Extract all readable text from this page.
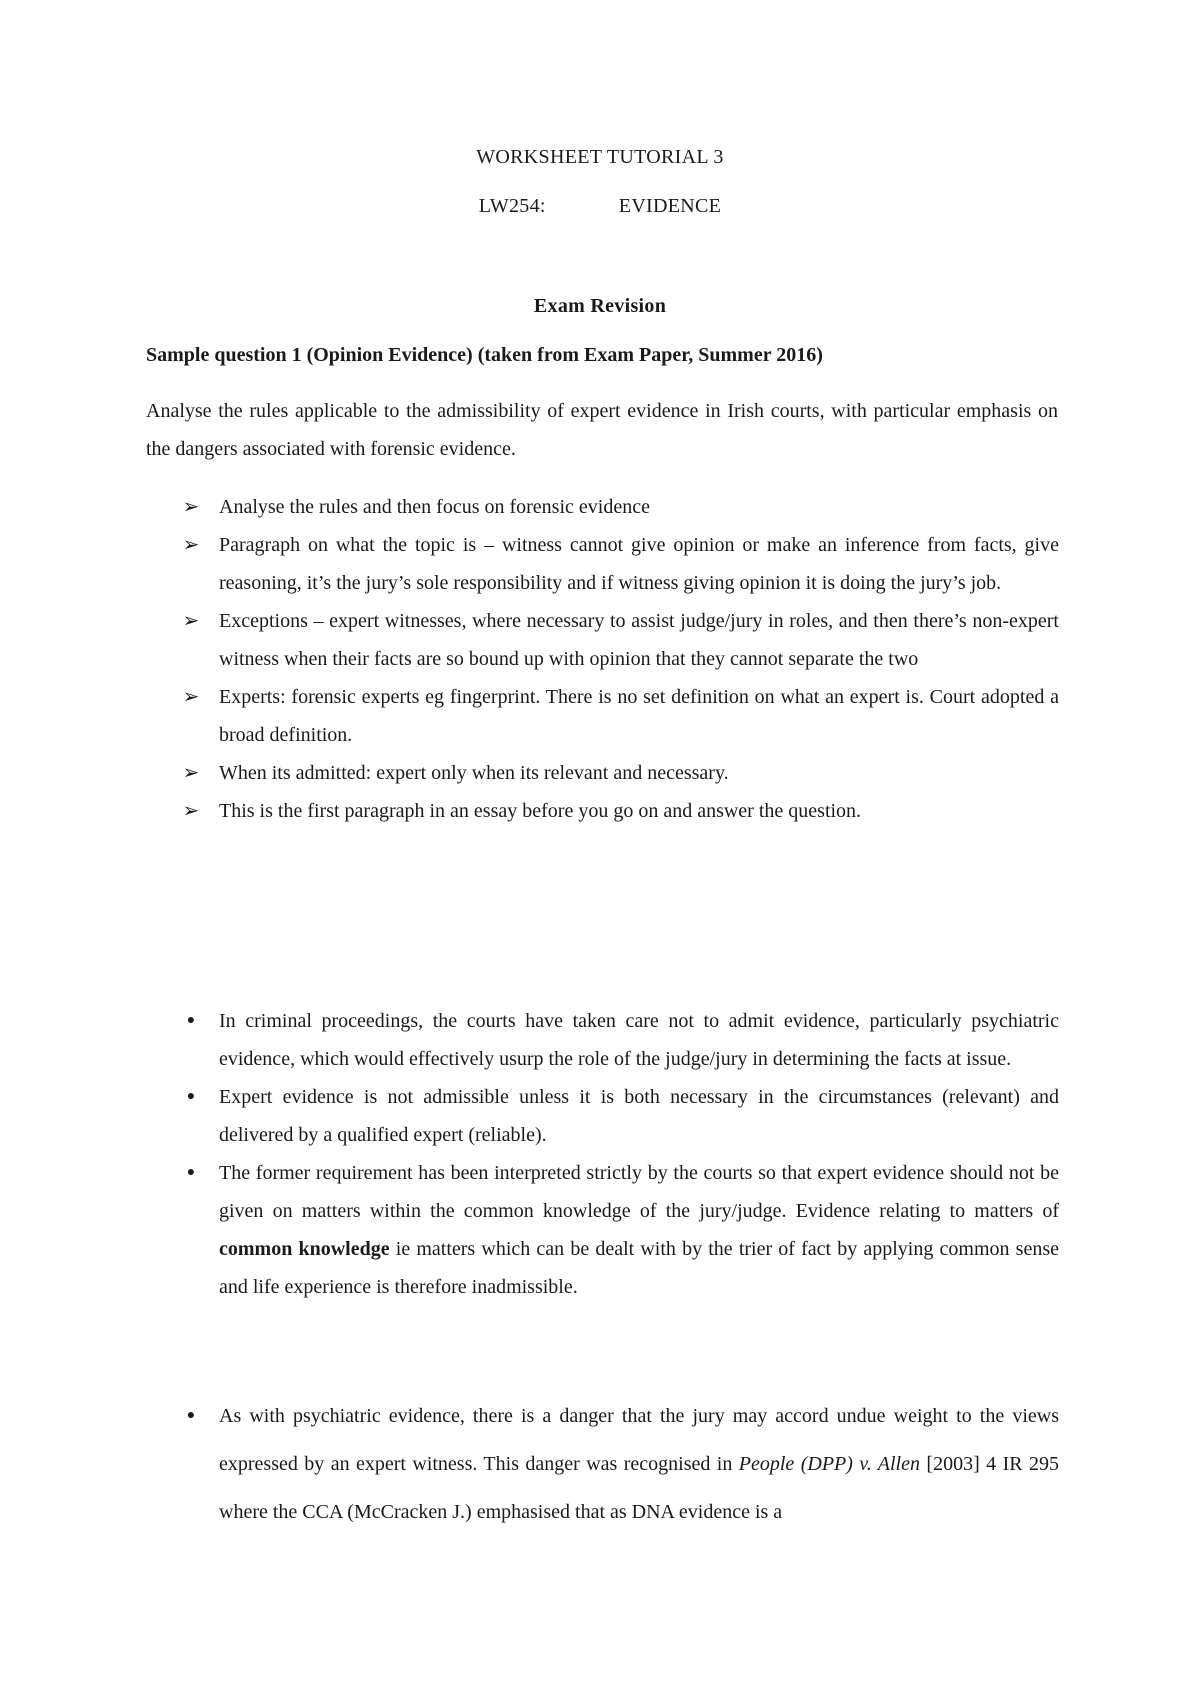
WORKSHEET TUTORIAL 3
LW254:	EVIDENCE
Exam Revision
Sample question 1 (Opinion Evidence) (taken from Exam Paper, Summer 2016)
Analyse the rules applicable to the admissibility of expert evidence in Irish courts, with particular emphasis on the dangers associated with forensic evidence.
➢ Analyse the rules and then focus on forensic evidence
➢ Paragraph on what the topic is – witness cannot give opinion or make an inference from facts, give reasoning, it’s the jury’s sole responsibility and if witness giving opinion it is doing the jury’s job.
➢ Exceptions – expert witnesses, where necessary to assist judge/jury in roles, and then there’s non-expert witness when their facts are so bound up with opinion that they cannot separate the two
➢ Experts: forensic experts eg fingerprint. There is no set definition on what an expert is. Court adopted a broad definition.
➢ When its admitted: expert only when its relevant and necessary.
➢ This is the first paragraph in an essay before you go on and answer the question.
●	In criminal proceedings, the courts have taken care not to admit evidence, particularly psychiatric evidence, which would effectively usurp the role of the judge/jury in determining the facts at issue.
●	Expert evidence is not admissible unless it is both necessary in the circumstances (relevant) and delivered by a qualified expert (reliable).
●	The former requirement has been interpreted strictly by the courts so that expert evidence should not be given on matters within the common knowledge of the jury/judge. Evidence relating to matters of common knowledge ie matters which can be dealt with by the trier of fact by applying common sense and life experience is therefore inadmissible.
●	As with psychiatric evidence, there is a danger that the jury may accord undue weight to the views expressed by an expert witness. This danger was recognised in People (DPP) v. Allen [2003] 4 IR 295 where the CCA (McCracken J.) emphasised that as DNA evidence is a
